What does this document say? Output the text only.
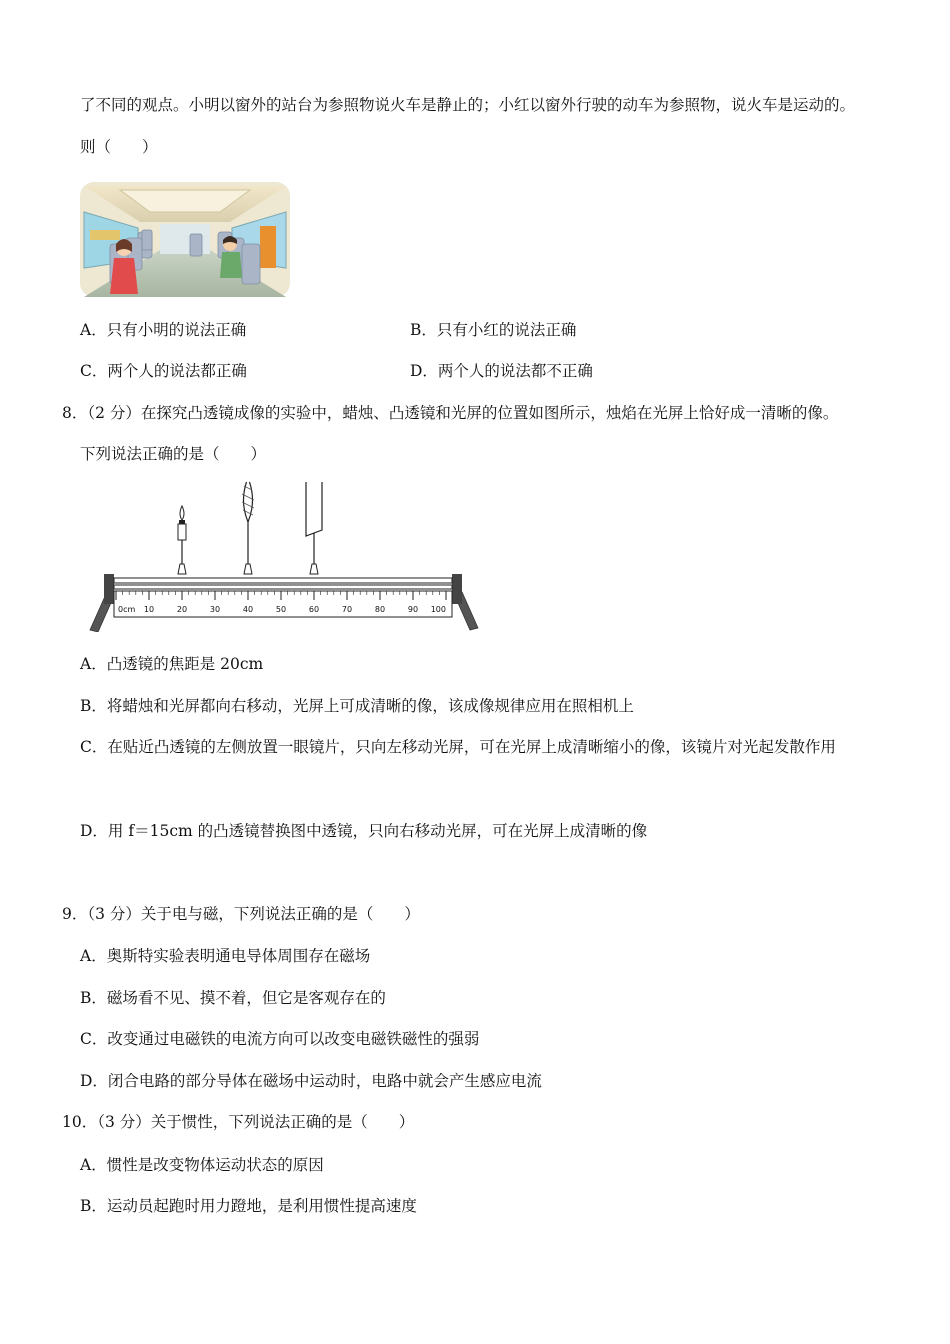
了不同的观点。小明以窗外的站台为参照物说火车是静止的；小红以窗外行驶的动车为参照物，说火车是运动的。
则（　　）
A．只有小明的说法正确	B．只有小红的说法正确
C．两个人的说法都正确	D．两个人的说法都不正确
8．（2 分）在探究凸透镜成像的实验中，蜡烛、凸透镜和光屏的位置如图所示，烛焰在光屏上恰好成一清晰的像。
下列说法正确的是（　　）
10	20	30	40	50	60	70	80	90 100
0cm
A．凸透镜的焦距是 20cm
B．将蜡烛和光屏都向右移动，光屏上可成清晰的像，该成像规律应用在照相机上
C．在贴近凸透镜的左侧放置一眼镜片，只向左移动光屏，可在光屏上成清晰缩小的像，该镜片对光起发散作用
D．用 f＝15cm 的凸透镜替换图中透镜，只向右移动光屏，可在光屏上成清晰的像
9．（3 分）关于电与磁，下列说法正确的是（　　）
A．奥斯特实验表明通电导体周围存在磁场
B．磁场看不见、摸不着，但它是客观存在的
C．改变通过电磁铁的电流方向可以改变电磁铁磁性的强弱
D．闭合电路的部分导体在磁场中运动时，电路中就会产生感应电流
10．（3 分）关于惯性，下列说法正确的是（　　）
A．惯性是改变物体运动状态的原因
B．运动员起跑时用力蹬地，是利用惯性提高速度
